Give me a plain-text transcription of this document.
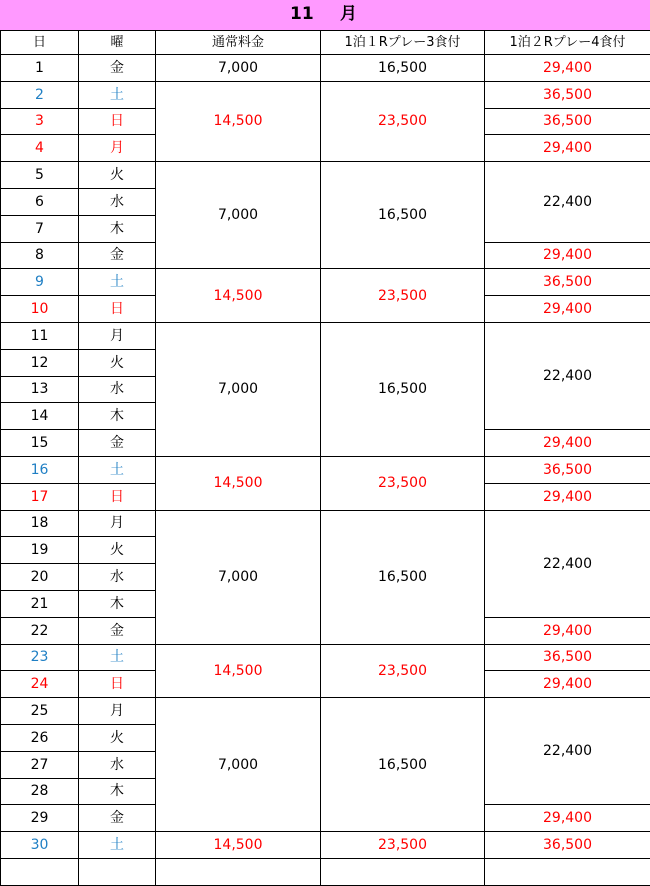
11 月
日	曜	通常料金	1泊１Rプレー3食付	1泊２Rプレー4食付
1	金	7,000	16,500	29,400
2	土	14,500	23,500	36,500
3	日			36,500
4	月			29,400
5	火	7,000	16,500	22,400
6	水			
7	木			
8	金			29,400
9	土	14,500	23,500	36,500
10	日			29,400
11	月	7,000	16,500	22,400
12	火			
13	水			
14	木			
15	金			29,400
16	土	14,500	23,500	36,500
17	日			29,400
18	月	7,000	16,500	22,400
19	火			
20	水			
21	木			
22	金			29,400
23	土	14,500	23,500	36,500
24	日			29,400
25	月	7,000	16,500	22,400
26	火			
27	水			
28	木			
29	金			29,400
30	土	14,500	23,500	36,500
